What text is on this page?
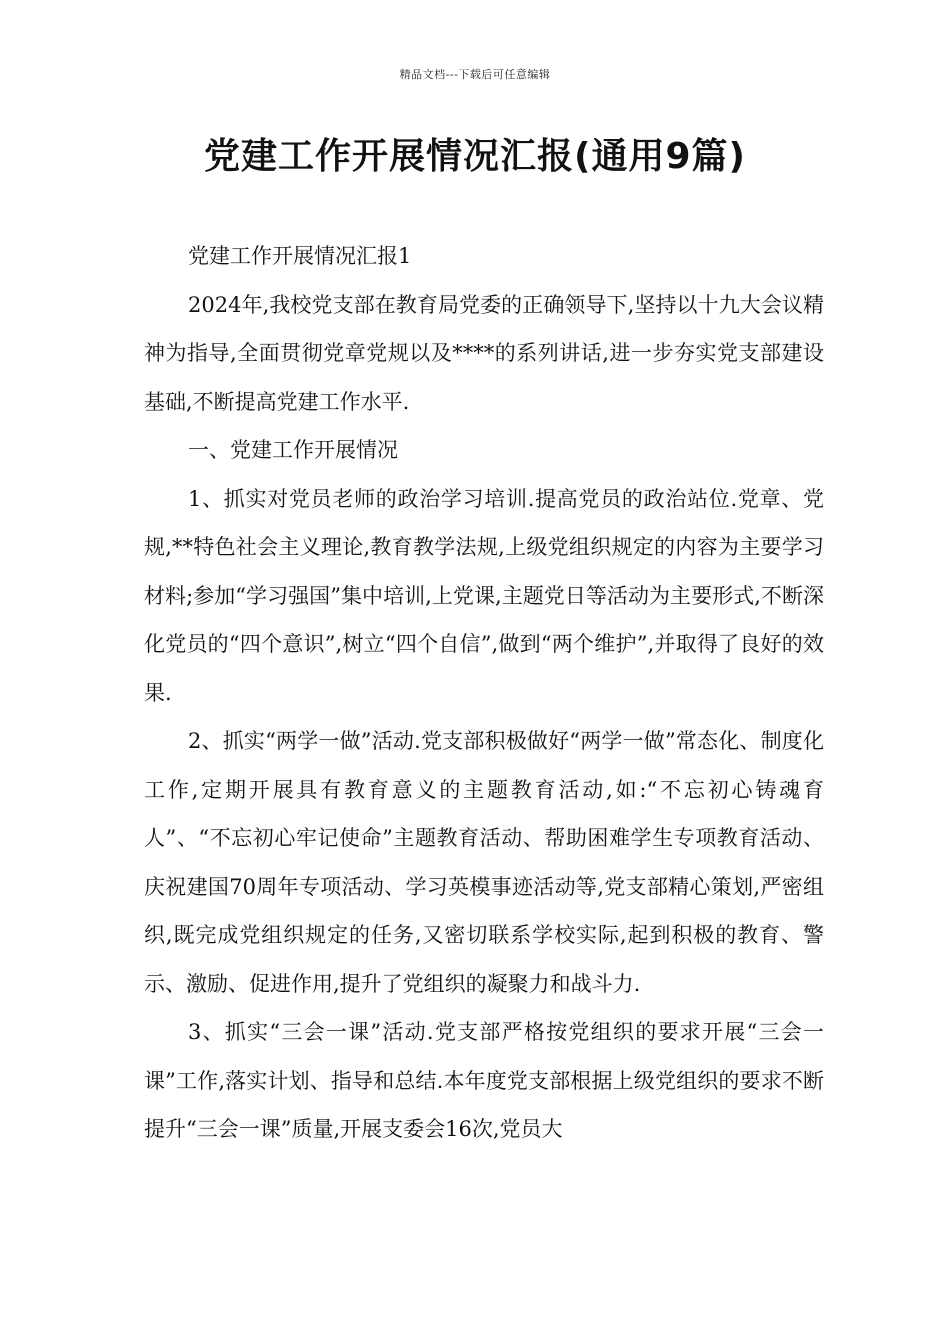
精品文档---下载后可任意编辑
党建工作开展情况汇报(通用9篇)

党建工作开展情况汇报1

2024年,我校党支部在教育局党委的正确领导下,坚持以十九大会议精神为指导,全面贯彻党章党规以及****的系列讲话,进一步夯实党支部建设基础,不断提高党建工作水平.

一、党建工作开展情况

1、抓实对党员老师的政治学习培训.提高党员的政治站位.党章、党规,**特色社会主义理论,教育教学法规,上级党组织规定的内容为主要学习材料;参加“学习强国”集中培训,上党课,主题党日等活动为主要形式,不断深化党员的“四个意识”,树立“四个自信”,做到“两个维护”,并取得了良好的效果.

2、抓实“两学一做”活动.党支部积极做好“两学一做”常态化、制度化工作,定期开展具有教育意义的主题教育活动,如:“不忘初心铸魂育人”、“不忘初心牢记使命”主题教育活动、帮助困难学生专项教育活动、庆祝建国70周年专项活动、学习英模事迹活动等,党支部精心策划,严密组织,既完成党组织规定的任务,又密切联系学校实际,起到积极的教育、警示、激励、促进作用,提升了党组织的凝聚力和战斗力.

3、抓实“三会一课”活动.党支部严格按党组织的要求开展“三会一课”工作,落实计划、指导和总结.本年度党支部根据上级党组织的要求不断提升“三会一课”质量,开展支委会16次,党员大
